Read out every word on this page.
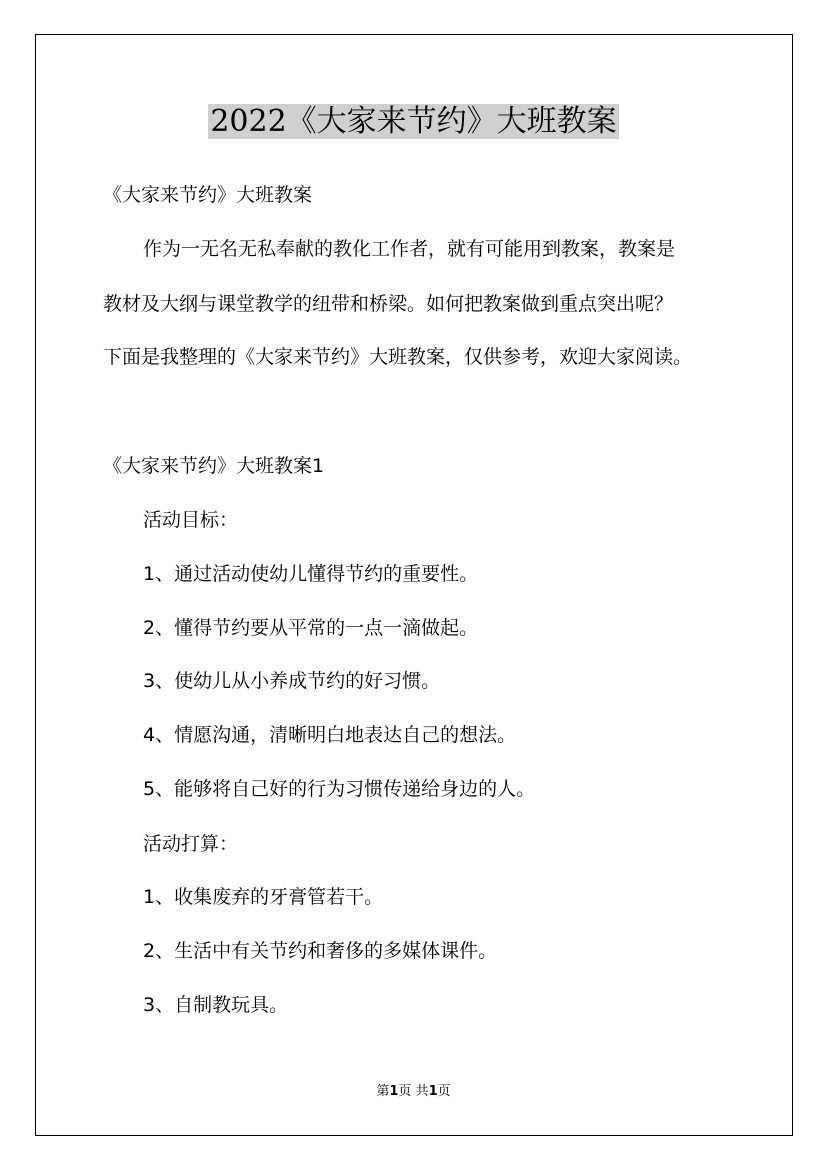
2022《大家来节约》大班教案
《大家来节约》大班教案
作为一无名无私奉献的教化工作者，就有可能用到教案，教案是
教材及大纲与课堂教学的纽带和桥梁。如何把教案做到重点突出呢？
下面是我整理的《大家来节约》大班教案，仅供参考，欢迎大家阅读。
《大家来节约》大班教案1
活动目标：
1、通过活动使幼儿懂得节约的重要性。
2、懂得节约要从平常的一点一滴做起。
3、使幼儿从小养成节约的好习惯。
4、情愿沟通，清晰明白地表达自己的想法。
5、能够将自己好的行为习惯传递给身边的人。
活动打算：
1、收集废弃的牙膏管若干。
2、生活中有关节约和奢侈的多媒体课件。
3、自制教玩具。
第1页 共1页
